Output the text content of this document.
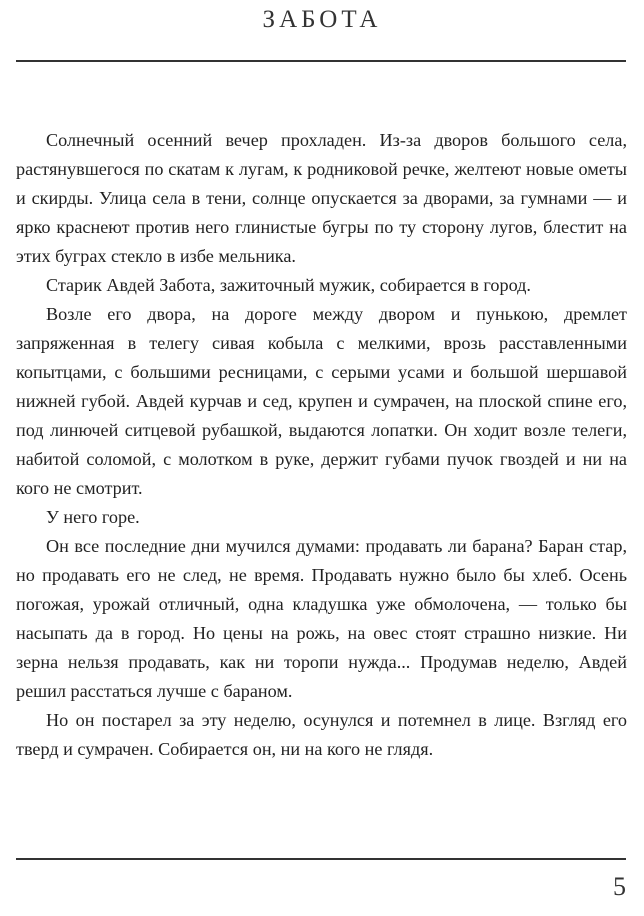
ЗАБОТА

Солнечный осенний вечер прохладен. Из-за дворов большого села, растянувшегося по скатам к лугам, к родниковой речке, желтеют новые ометы и скирды. Улица села в тени, солнце опускается за дворами, за гумнами — и ярко краснеют против него глинистые бугры по ту сторону лугов, блестит на этих буграх стекло в избе мельника.

Старик Авдей Забота, зажиточный мужик, собирается в город.

Возле его двора, на дороге между двором и пунькою, дремлет запряженная в телегу сивая кобыла с мелкими, врозь расставленными копытцами, с большими ресницами, с серыми усами и большой шершавой нижней губой. Авдей курчав и сед, крупен и сумрачен, на плоской спине его, под линючей ситцевой рубашкой, выдаются лопатки. Он ходит возле телеги, набитой соломой, с молотком в руке, держит губами пучок гвоздей и ни на кого не смотрит.

У него горе.

Он все последние дни мучился думами: продавать ли барана? Баран стар, но продавать его не след, не время. Продавать нужно было бы хлеб. Осень погожая, урожай отличный, одна кладушка уже обмолочена, — только бы насыпать да в город. Но цены на рожь, на овес стоят страшно низкие. Ни зерна нельзя продавать, как ни торопи нужда... Продумав неделю, Авдей решил расстаться лучше с бараном.

Но он постарел за эту неделю, осунулся и потемнел в лице. Взгляд его тверд и сумрачен. Собирается он, ни на кого не глядя.

5
